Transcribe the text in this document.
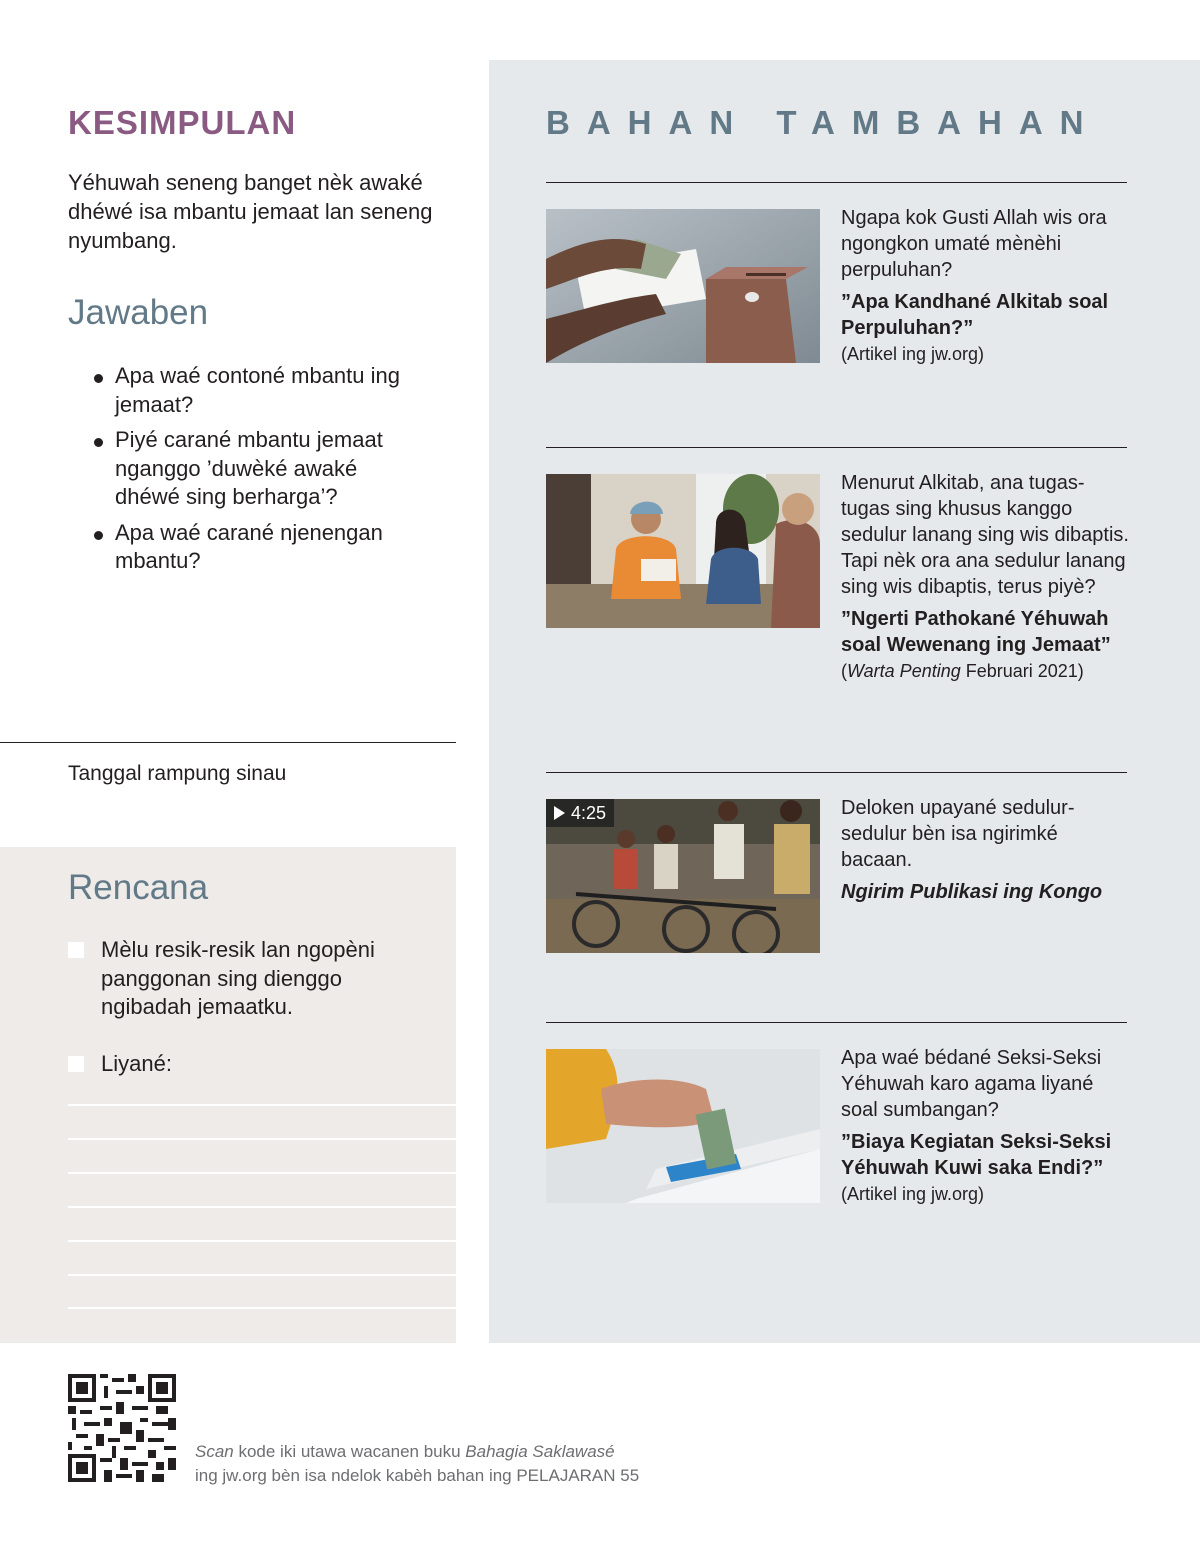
KESIMPULAN

Yéhuwah seneng banget nèk awaké dhéwé isa mbantu jemaat lan seneng nyumbang.

Jawaben
Apa waé contoné mbantu ing jemaat?
Piyé carané mbantu jemaat nganggo ’duwèké awaké dhéwé sing berharga’?
Apa waé carané njenengan mbantu?
Tanggal rampung sinau
Rencana
Mèlu resik-resik lan ngopèni panggonan sing dienggo ngibadah jemaatku.
Liyané:
BAHAN TAMBAHAN

Ngapa kok Gusti Allah wis ora ngongkon umaté mènèhi perpuluhan?

”Apa Kandhané Alkitab soal Perpuluhan?”

(Artikel ing jw.org)

Menurut Alkitab, ana tugas-tugas sing khusus kanggo sedulur lanang sing wis dibaptis. Tapi nèk ora ana sedulur lanang sing wis dibaptis, terus piyè?

”Ngerti Pathokané Yéhuwah soal Wewenang ing Jemaat”

(Warta Penting Februari 2021)

4:25	Deloken upayané sedulur-sedulur bèn isa ngirimké bacaan.

Ngirim Publikasi ing Kongo

Apa waé bédané Seksi-Seksi Yéhuwah karo agama liyané soal sumbangan?

”Biaya Kegiatan Seksi-Seksi Yéhuwah Kuwi saka Endi?”

(Artikel ing jw.org)

Scan kode iki utawa wacanen buku Bahagia Saklawasé
ing jw.org bèn isa ndelok kabèh bahan ing PELAJARAN 55
